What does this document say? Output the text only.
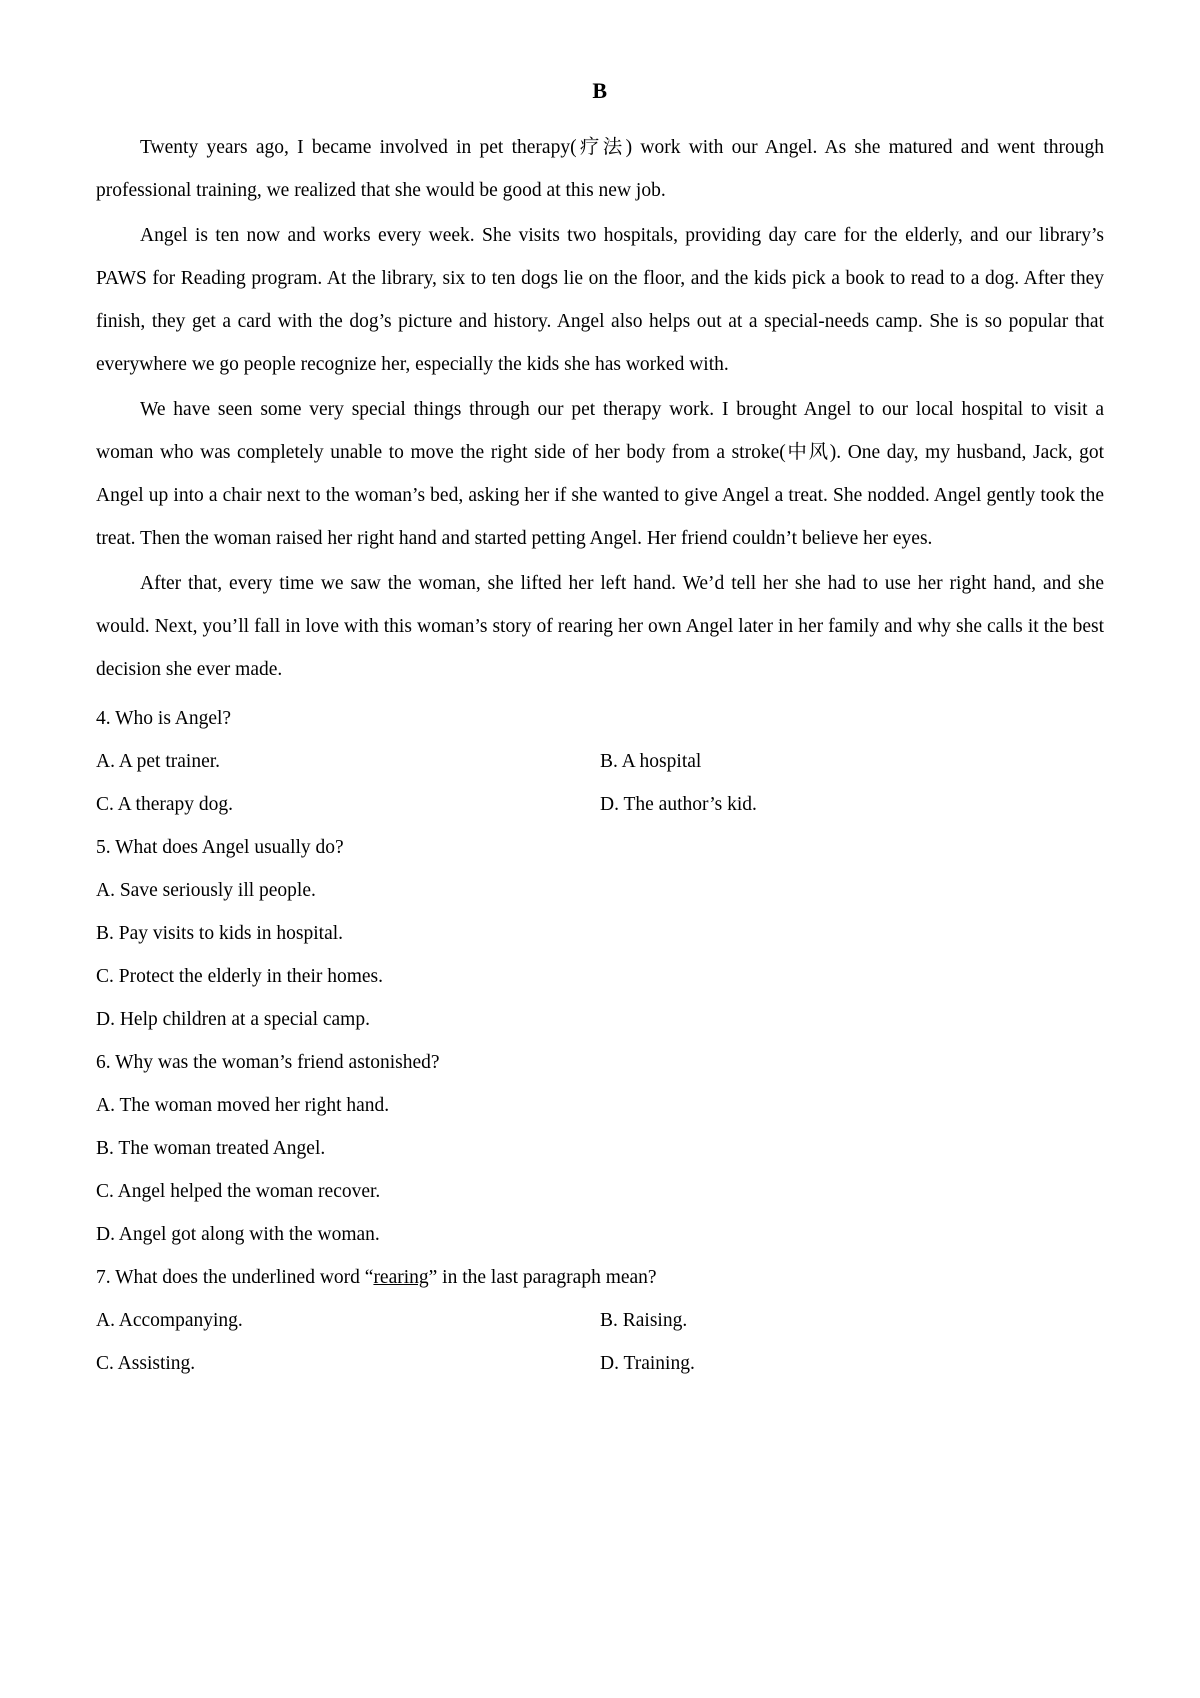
B

Twenty years ago, I became involved in pet therapy(疗法) work with our Angel. As she matured and went through professional training, we realized that she would be good at this new job.

Angel is ten now and works every week. She visits two hospitals, providing day care for the elderly, and our library’s PAWS for Reading program. At the library, six to ten dogs lie on the floor, and the kids pick a book to read to a dog. After they finish, they get a card with the dog’s picture and history. Angel also helps out at a special-needs camp. She is so popular that everywhere we go people recognize her, especially the kids she has worked with.

We have seen some very special things through our pet therapy work. I brought Angel to our local hospital to visit a woman who was completely unable to move the right side of her body from a stroke(中风). One day, my husband, Jack, got Angel up into a chair next to the woman’s bed, asking her if she wanted to give Angel a treat. She nodded. Angel gently took the treat. Then the woman raised her right hand and started petting Angel. Her friend couldn’t believe her eyes.

After that, every time we saw the woman, she lifted her left hand. We’d tell her she had to use her right hand, and she would. Next, you’ll fall in love with this woman’s story of rearing her own Angel later in her family and why she calls it the best decision she ever made.

4. Who is Angel?
A. A pet trainer.	B. A hospital
C. A therapy dog.	D. The author’s kid.
5. What does Angel usually do?
A. Save seriously ill people.
B. Pay visits to kids in hospital.
C. Protect the elderly in their homes.
D. Help children at a special camp.
6. Why was the woman’s friend astonished?
A. The woman moved her right hand.
B. The woman treated Angel.
C. Angel helped the woman recover.
D. Angel got along with the woman.
7. What does the underlined word “rearing” in the last paragraph mean?
A. Accompanying.	B. Raising.
C. Assisting.	D. Training.
